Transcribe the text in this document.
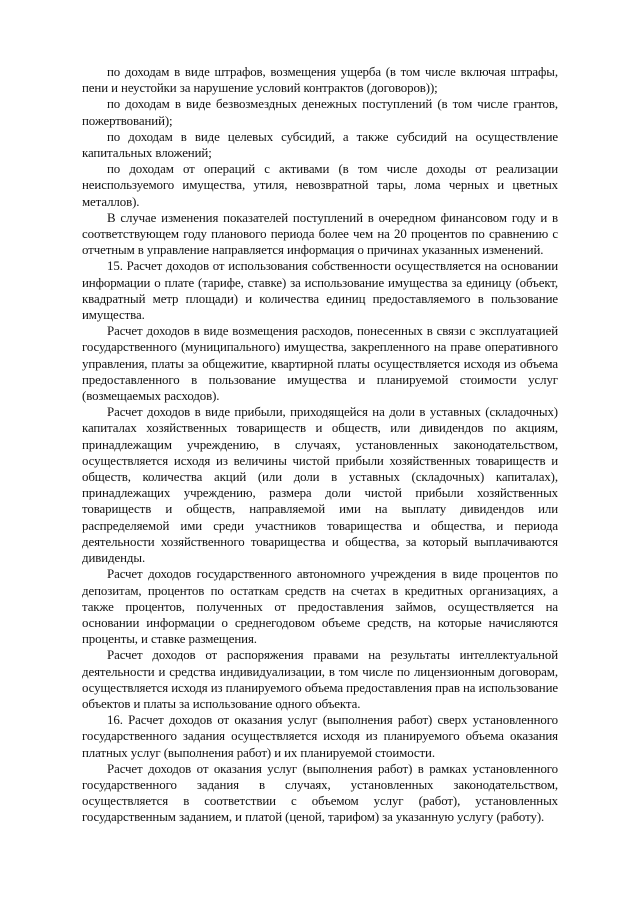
по доходам в виде штрафов, возмещения ущерба (в том числе включая штрафы, пени и неустойки за нарушение условий контрактов (договоров));

по доходам в виде безвозмездных денежных поступлений (в том числе грантов, пожертвований);

по доходам в виде целевых субсидий, а также субсидий на осуществление капитальных вложений;

по доходам от операций с активами (в том числе доходы от реализации неиспользуемого имущества, утиля, невозвратной тары, лома черных и цветных металлов).

В случае изменения показателей поступлений в очередном финансовом году и в соответствующем году планового периода более чем на 20 процентов по сравнению с отчетным в управление направляется информация о причинах указанных изменений.

15. Расчет доходов от использования собственности осуществляется на основании информации о плате (тарифе, ставке) за использование имущества за единицу (объект, квадратный метр площади) и количества единиц предоставляемого в пользование имущества.

Расчет доходов в виде возмещения расходов, понесенных в связи с эксплуатацией государственного (муниципального) имущества, закрепленного на праве оперативного управления, платы за общежитие, квартирной платы осуществляется исходя из объема предоставленного в пользование имущества и планируемой стоимости услуг (возмещаемых расходов).

Расчет доходов в виде прибыли, приходящейся на доли в уставных (складочных) капиталах хозяйственных товариществ и обществ, или дивидендов по акциям, принадлежащим учреждению, в случаях, установленных законодательством, осуществляется исходя из величины чистой прибыли хозяйственных товариществ и обществ, количества акций (или доли в уставных (складочных) капиталах), принадлежащих учреждению, размера доли чистой прибыли хозяйственных товариществ и обществ, направляемой ими на выплату дивидендов или распределяемой ими среди участников товарищества и общества, и периода деятельности хозяйственного товарищества и общества, за который выплачиваются дивиденды.

Расчет доходов государственного автономного учреждения в виде процентов по депозитам, процентов по остаткам средств на счетах в кредитных организациях, а также процентов, полученных от предоставления займов, осуществляется на основании информации о среднегодовом объеме средств, на которые начисляются проценты, и ставке размещения.

Расчет доходов от распоряжения правами на результаты интеллектуальной деятельности и средства индивидуализации, в том числе по лицензионным договорам, осуществляется исходя из планируемого объема предоставления прав на использование объектов и платы за использование одного объекта.

16. Расчет доходов от оказания услуг (выполнения работ) сверх установленного государственного задания осуществляется исходя из планируемого объема оказания платных услуг (выполнения работ) и их планируемой стоимости.

Расчет доходов от оказания услуг (выполнения работ) в рамках установленного государственного задания в случаях, установленных законодательством, осуществляется в соответствии с объемом услуг (работ), установленных государственным заданием, и платой (ценой, тарифом) за указанную услугу (работу).
